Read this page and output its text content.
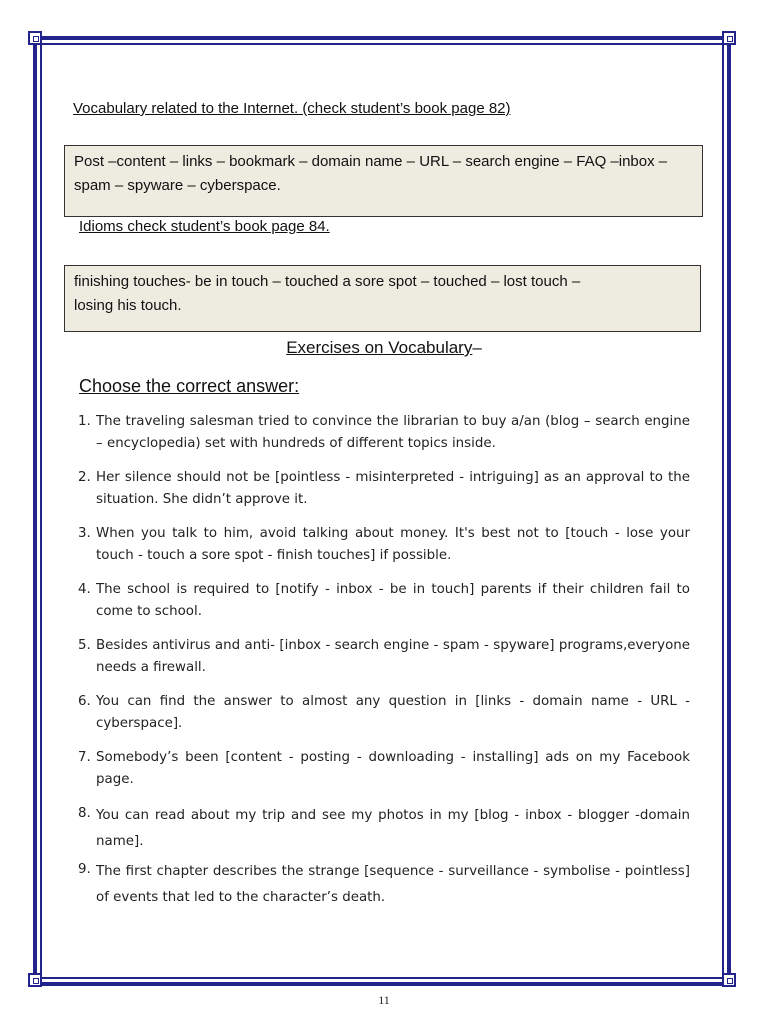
Vocabulary related to the Internet. (check student’s book page 82)
Post –content – links – bookmark – domain name – URL – search engine – FAQ –inbox – spam – spyware – cyberspace.
Idioms check student’s book page 84.
finishing touches- be in touch – touched a sore spot – touched – lost touch –
losing his touch.
Exercises on Vocabulary–
Choose the correct answer:
1. The traveling salesman tried to convince the librarian to buy a/an (blog – search engine – encyclopedia) set with hundreds of different topics inside.
2. Her silence should not be [pointless - misinterpreted - intriguing] as an approval to the situation. She didn’t approve it.
3. When you talk to him, avoid talking about money. It's best not to [touch - lose your touch - touch a sore spot - finish touches] if possible.
4. The school is required to [notify - inbox - be in touch] parents if their children fail to come to school.
5. Besides antivirus and anti- [inbox - search engine - spam - spyware] programs,everyone needs a firewall.
6. You can find the answer to almost any question in [links - domain name - URL -cyberspace].
7. Somebody’s been [content - posting - downloading - installing] ads on my Facebook page.
8. You can read about my trip and see my photos in my [blog - inbox - blogger -domain name].
9. The first chapter describes the strange [sequence - surveillance - symbolise - pointless] of events that led to the character’s death.
11
